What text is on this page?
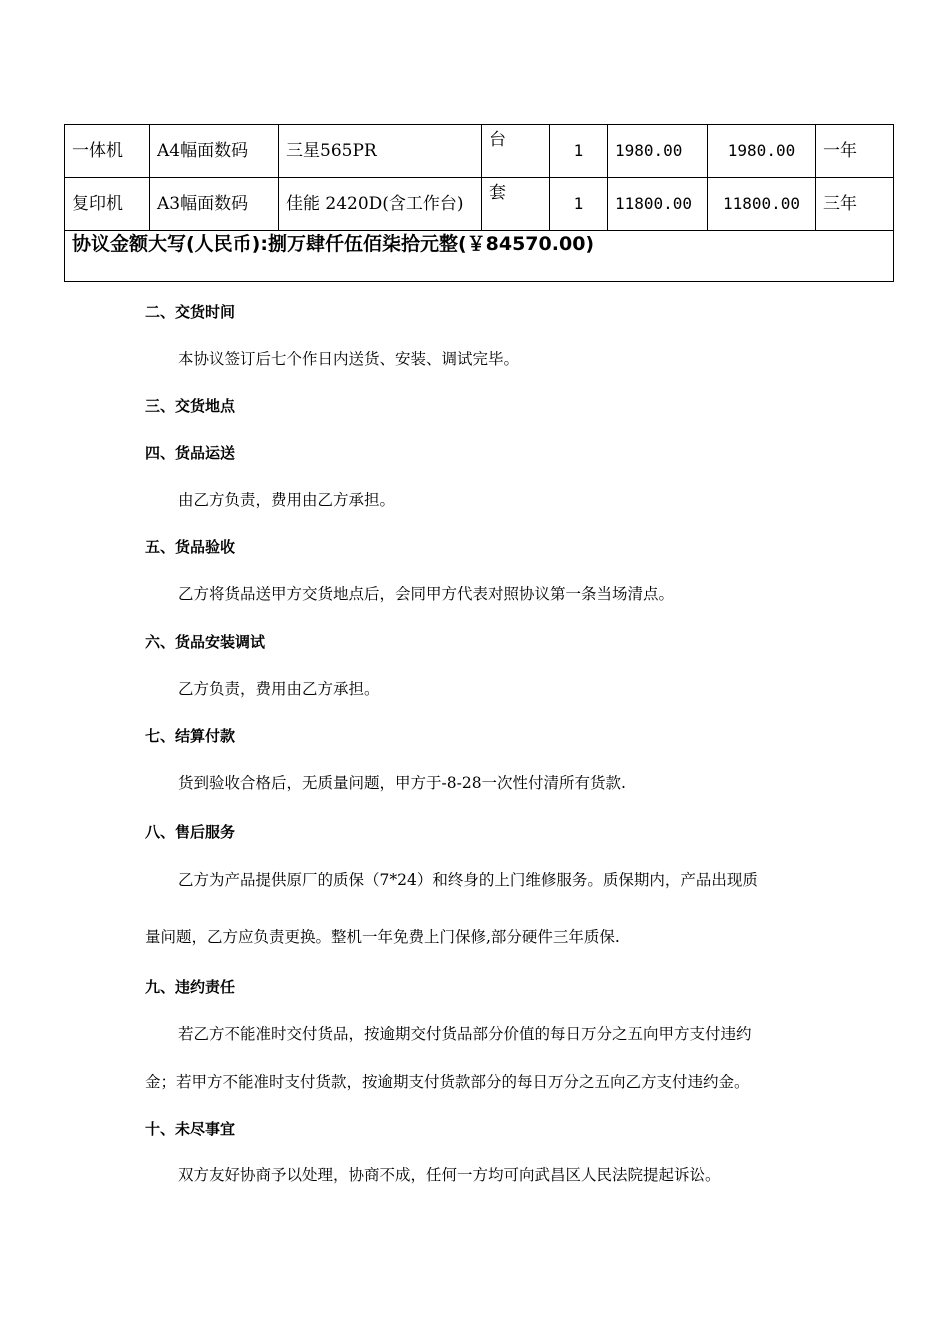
一体机	A4幅面数码	三星565PR	台	1	1980.00	1980.00	一年
复印机	A3幅面数码	佳能 2420D(含工作台)	套	1	11800.00	11800.00	三年
协议金额大写(人民币):捌万肆仟伍佰柒拾元整(￥84570.00)							
二、交货时间
本协议签订后七个作日内送货、安装、调试完毕。
三、交货地点
四、货品运送
由乙方负责，费用由乙方承担。
五、货品验收
乙方将货品送甲方交货地点后，会同甲方代表对照协议第一条当场清点。
六、货品安装调试
乙方负责，费用由乙方承担。
七、结算付款
货到验收合格后，无质量问题，甲方于-8-28一次性付清所有货款.
八、售后服务
乙方为产品提供原厂的质保（7*24）和终身的上门维修服务。质保期内，产品出现质
量问题，乙方应负责更换。整机一年免费上门保修,部分硬件三年质保.
九、违约责任
若乙方不能准时交付货品，按逾期交付货品部分价值的每日万分之五向甲方支付违约
金；若甲方不能准时支付货款，按逾期支付货款部分的每日万分之五向乙方支付违约金。
十、未尽事宜
双方友好协商予以处理，协商不成，任何一方均可向武昌区人民法院提起诉讼。
